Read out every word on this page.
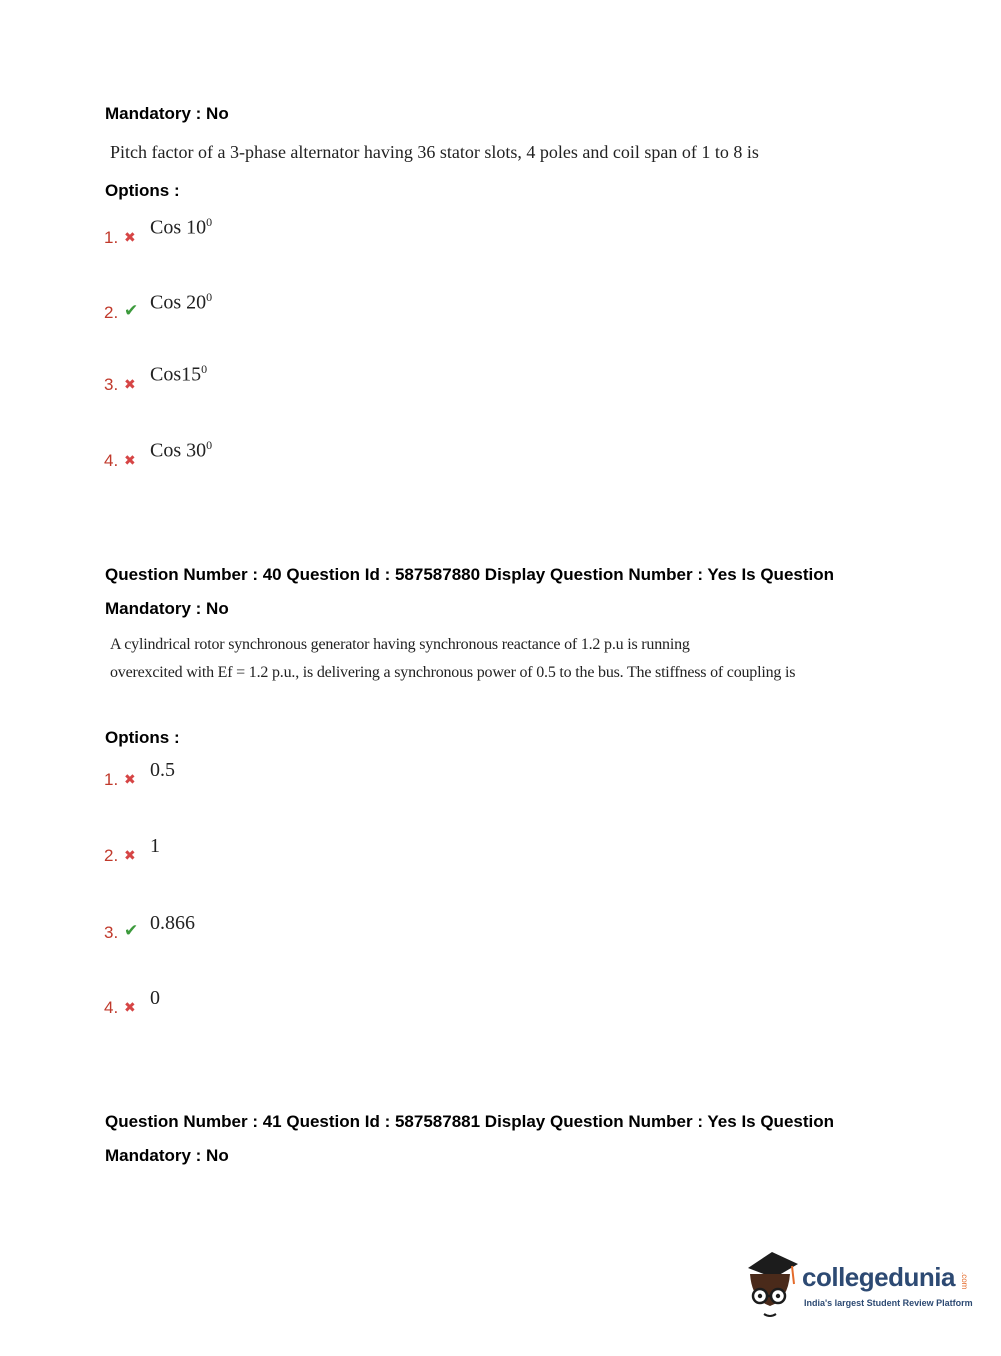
Mandatory : No
Pitch factor of a 3-phase alternator having 36 stator slots, 4 poles and coil span of 1 to 8 is
Options :
1. ✖ Cos $10^0$
2. ✔ Cos $20^0$
3. ✖ $Cos15^0$
4. ✖ Cos $30^0$
Question Number : 40 Question Id : 587587880 Display Question Number : Yes Is Question
Mandatory : No
A cylindrical rotor synchronous generator having synchronous reactance of 1.2 p.u is running
overexcited with Ef = 1.2 p.u., is delivering a synchronous power of 0.5 to the bus. The stiffness of coupling is
Options :
1. ✖ 0.5
2. ✖ 1
3. ✔ 0.866
4. ✖ 0
Question Number : 41 Question Id : 587587881 Display Question Number : Yes Is Question
Mandatory : No
collegedunia .com
India's largest Student Review Platform
